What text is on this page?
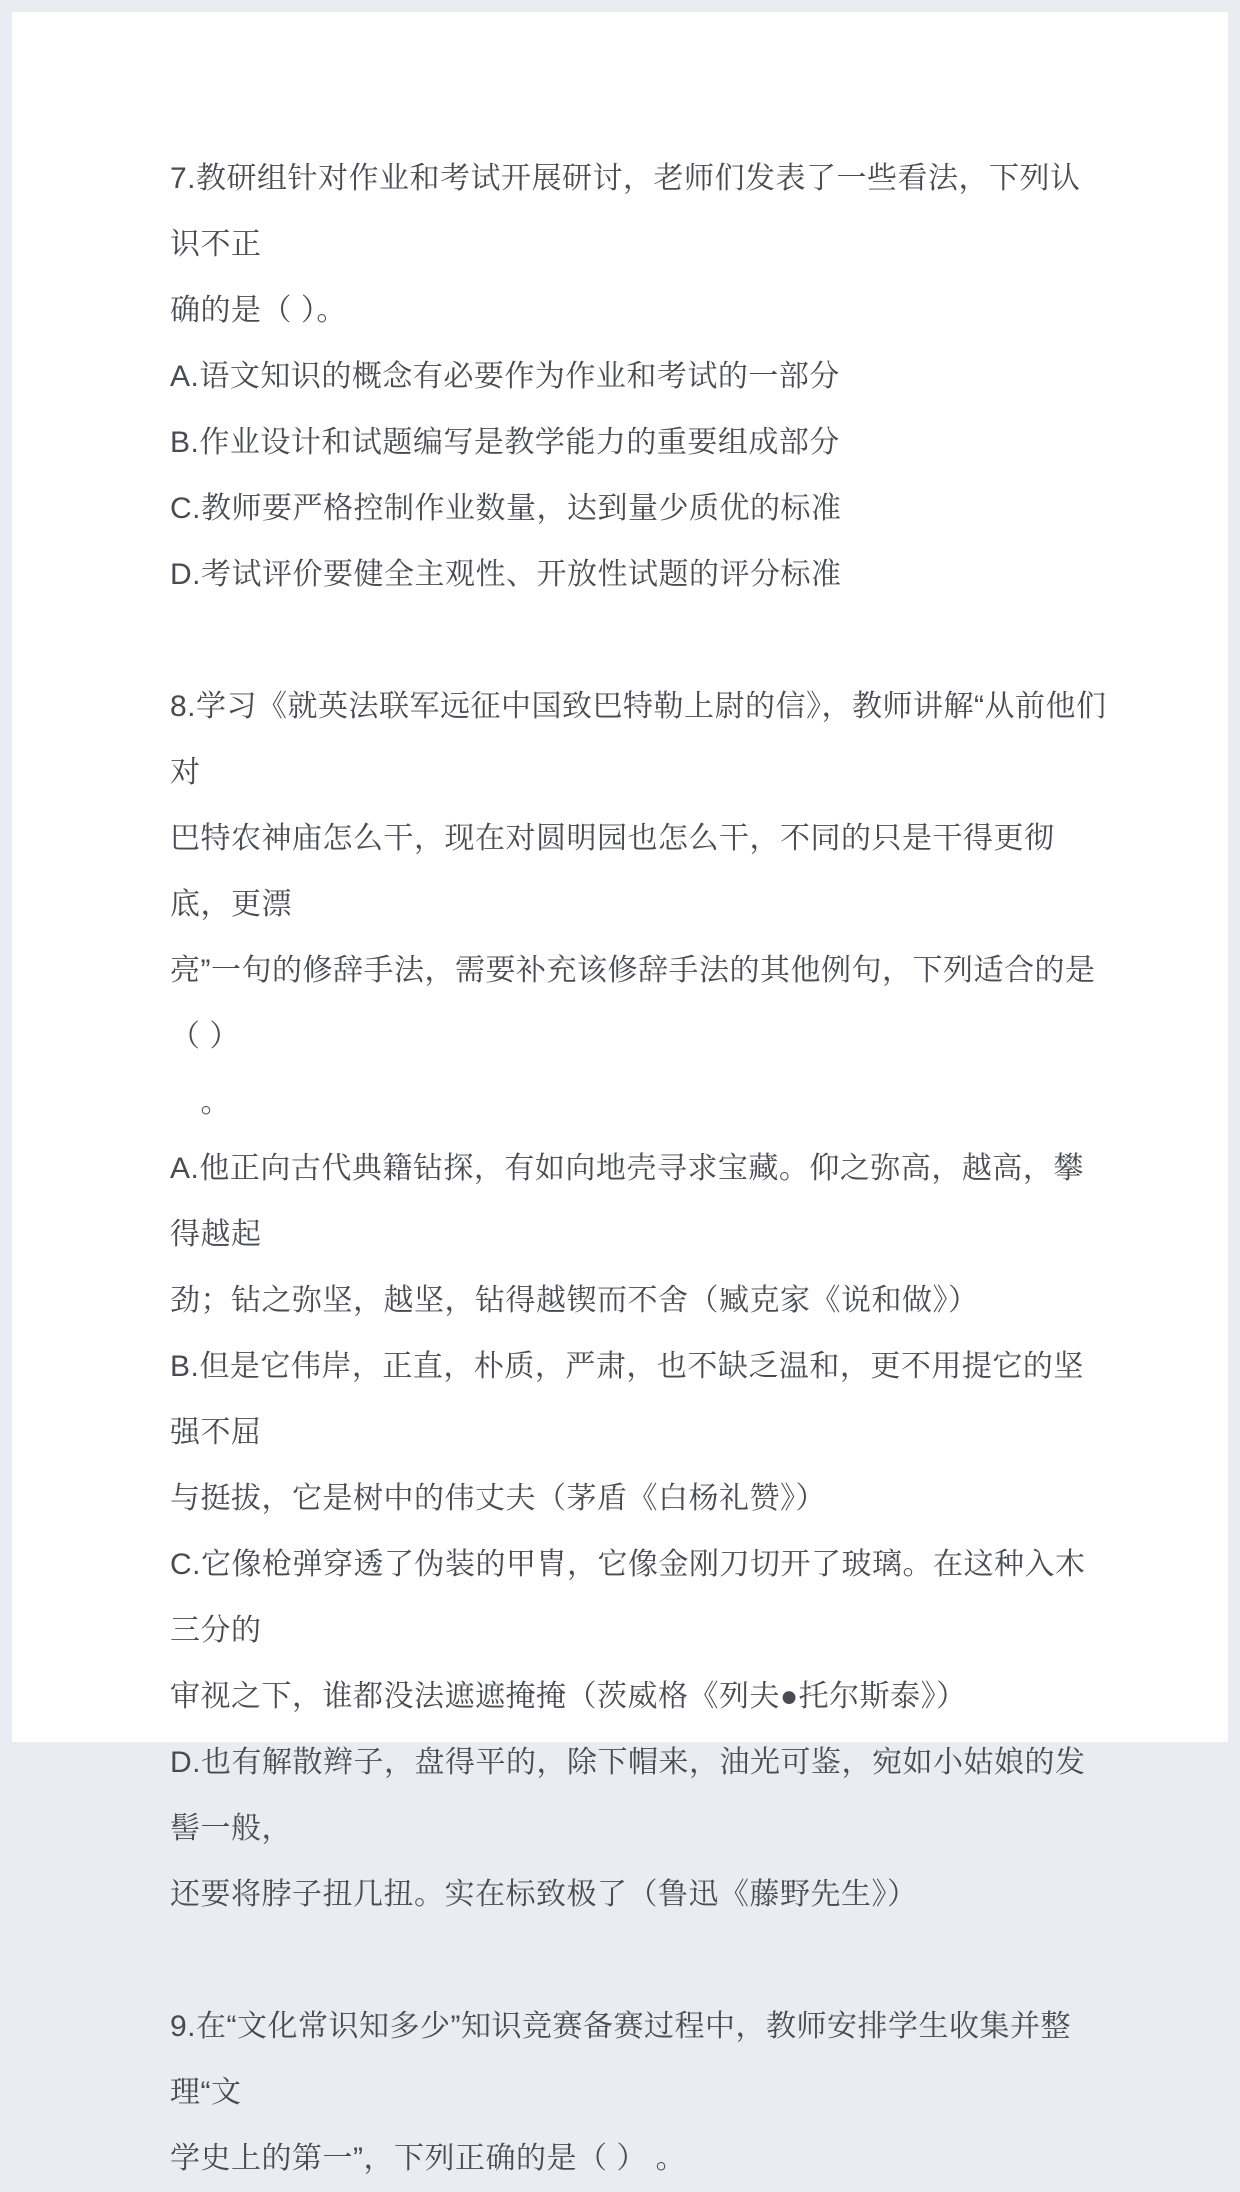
7.教研组针对作业和考试开展研讨，老师们发表了一些看法，下列认识不正

确的是（ ）。

A.语文知识的概念有必要作为作业和考试的一部分

B.作业设计和试题编写是教学能力的重要组成部分

C.教师要严格控制作业数量，达到量少质优的标准

D.考试评价要健全主观性、开放性试题的评分标准

8.学习《就英法联军远征中国致巴特勒上尉的信》，教师讲解“从前他们对

巴特农神庙怎么干，现在对圆明园也怎么干，不同的只是干得更彻底，更漂

亮”一句的修辞手法，需要补充该修辞手法的其他例句，下列适合的是　（ ）

　。

A.他正向古代典籍钻探，有如向地壳寻求宝藏。仰之弥高，越高，攀得越起

劲；钻之弥坚，越坚，钻得越锲而不舍（臧克家《说和做》）

B.但是它伟岸，正直，朴质，严肃，也不缺乏温和，更不用提它的坚强不屈

与挺拔，它是树中的伟丈夫（茅盾《白杨礼赞》）

C.它像枪弹穿透了伪装的甲胄，它像金刚刀切开了玻璃。在这种入木三分的

审视之下，谁都没法遮遮掩掩（茨威格《列夫●托尔斯泰》）

D.也有解散辫子，盘得平的，除下帽来，油光可鉴，宛如小姑娘的发髻一般，

还要将脖子扭几扭。实在标致极了（鲁迅《藤野先生》）

9.在“文化常识知多少”知识竞赛备赛过程中，教师安排学生收集并整理“文

学史上的第一”，下列正确的是（ ） 。
